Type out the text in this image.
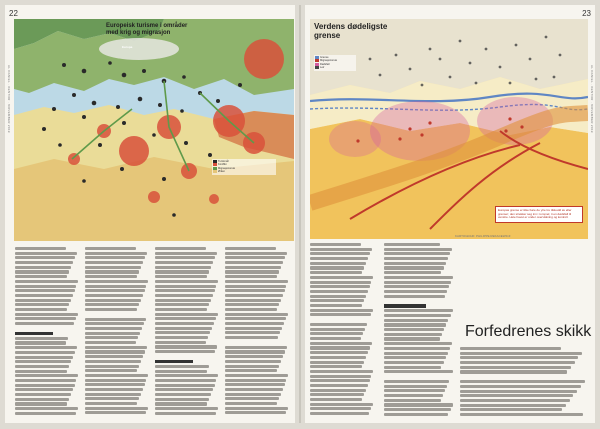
22
AL DANIEL · KENTOR · NOVEMBER 2019
Europeisk turisme i områder med krig og migrasjon
Europa
Turistmål
Konflikt
Migrasjonsrute
Ørken
23
AL DANIEL · KENTOR · NOVEMBER 2019
Verdens dødeligste grense
Grense
Migrasjonsrute
Dødsfall
Leir
KARTOGRAFI: PHILIPPE REKACEWICZ
Europas grense er ikke bare de ytre tre tilskudd av eller grenser; den strekker seg inn i rommet; ti en dødsfall til venstre. Hele havet er under overvåkning og kontroll.
Forfedrenes skikk
